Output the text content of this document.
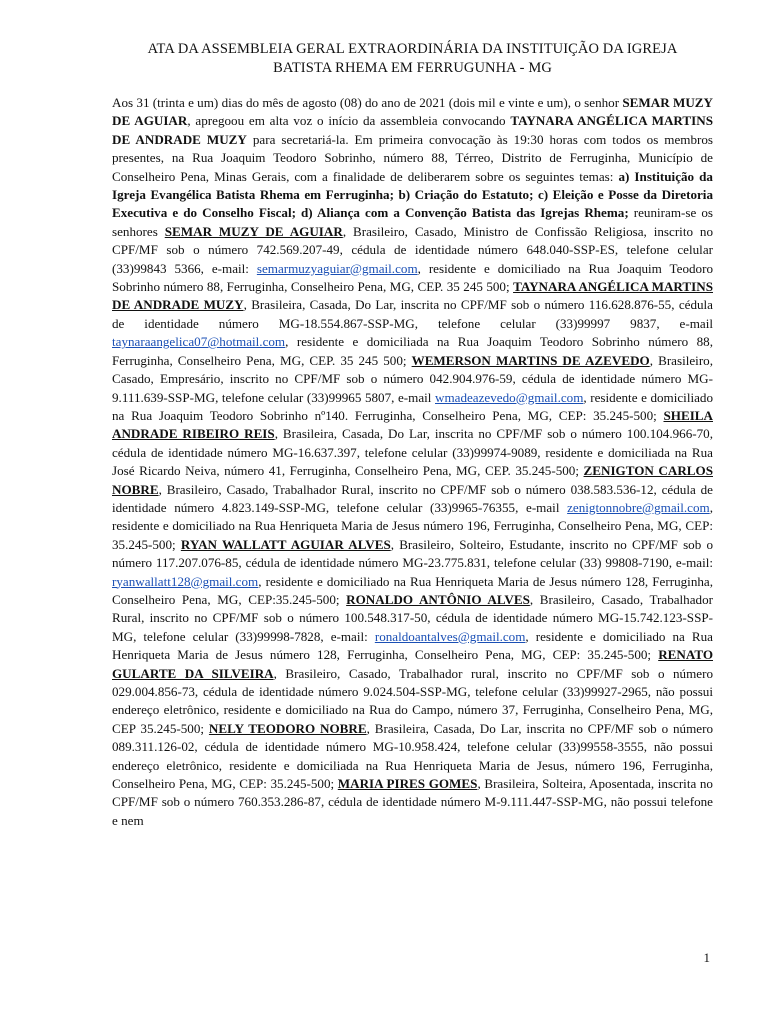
ATA DA ASSEMBLEIA GERAL EXTRAORDINÁRIA DA INSTITUIÇÃO DA IGREJA
BATISTA RHEMA EM FERRUGUNHA - MG
Aos 31 (trinta e um) dias do mês de agosto (08) do ano de 2021 (dois mil e vinte e um), o senhor SEMAR MUZY DE AGUIAR, apregoou em alta voz o início da assembleia convocando TAYNARA ANGÉLICA MARTINS DE ANDRADE MUZY para secretariá-la. Em primeira convocação às 19:30 horas com todos os membros presentes, na Rua Joaquim Teodoro Sobrinho, número 88, Térreo, Distrito de Ferruginha, Município de Conselheiro Pena, Minas Gerais, com a finalidade de deliberarem sobre os seguintes temas: a) Instituição da Igreja Evangélica Batista Rhema em Ferruginha; b) Criação do Estatuto; c) Eleição e Posse da Diretoria Executiva e do Conselho Fiscal; d) Aliança com a Convenção Batista das Igrejas Rhema; reuniram-se os senhores SEMAR MUZY DE AGUIAR, Brasileiro, Casado, Ministro de Confissão Religiosa, inscrito no CPF/MF sob o número 742.569.207-49, cédula de identidade número 648.040-SSP-ES, telefone celular (33)99843 5366, e-mail: semarmuzyaguiar@gmail.com, residente e domiciliado na Rua Joaquim Teodoro Sobrinho número 88, Ferruginha, Conselheiro Pena, MG, CEP. 35 245 500; TAYNARA ANGÉLICA MARTINS DE ANDRADE MUZY, Brasileira, Casada, Do Lar, inscrita no CPF/MF sob o número 116.628.876-55, cédula de identidade número MG-18.554.867-SSP-MG, telefone celular (33)99997 9837, e-mail taynaraangelica07@hotmail.com, residente e domiciliada na Rua Joaquim Teodoro Sobrinho número 88, Ferruginha, Conselheiro Pena, MG, CEP. 35 245 500; WEMERSON MARTINS DE AZEVEDO, Brasileiro, Casado, Empresário, inscrito no CPF/MF sob o número 042.904.976-59, cédula de identidade número MG-9.111.639-SSP-MG, telefone celular (33)99965 5807, e-mail wmadeazevedo@gmail.com, residente e domiciliado na Rua Joaquim Teodoro Sobrinho nº140. Ferruginha, Conselheiro Pena, MG, CEP: 35.245-500; SHEILA ANDRADE RIBEIRO REIS, Brasileira, Casada, Do Lar, inscrita no CPF/MF sob o número 100.104.966-70, cédula de identidade número MG-16.637.397, telefone celular (33)99974-9089, residente e domiciliada na Rua José Ricardo Neiva, número 41, Ferruginha, Conselheiro Pena, MG, CEP. 35.245-500; ZENIGTON CARLOS NOBRE, Brasileiro, Casado, Trabalhador Rural, inscrito no CPF/MF sob o número 038.583.536-12, cédula de identidade número 4.823.149-SSP-MG, telefone celular (33)9965-76355, e-mail zenigtonnobre@gmail.com, residente e domiciliado na Rua Henriqueta Maria de Jesus número 196, Ferruginha, Conselheiro Pena, MG, CEP: 35.245-500; RYAN WALLATT AGUIAR ALVES, Brasileiro, Solteiro, Estudante, inscrito no CPF/MF sob o número 117.207.076-85, cédula de identidade número MG-23.775.831, telefone celular (33) 99808-7190, e-mail: ryanwallatt128@gmail.com, residente e domiciliado na Rua Henriqueta Maria de Jesus número 128, Ferruginha, Conselheiro Pena, MG, CEP:35.245-500; RONALDO ANTÔNIO ALVES, Brasileiro, Casado, Trabalhador Rural, inscrito no CPF/MF sob o número 100.548.317-50, cédula de identidade número MG-15.742.123-SSP-MG, telefone celular (33)99998-7828, e-mail: ronaldoantalves@gmail.com, residente e domiciliado na Rua Henriqueta Maria de Jesus número 128, Ferruginha, Conselheiro Pena, MG, CEP: 35.245-500; RENATO GULARTE DA SILVEIRA, Brasileiro, Casado, Trabalhador rural, inscrito no CPF/MF sob o número 029.004.856-73, cédula de identidade número 9.024.504-SSP-MG, telefone celular (33)99927-2965, não possui endereço eletrônico, residente e domiciliado na Rua do Campo, número 37, Ferruginha, Conselheiro Pena, MG, CEP 35.245-500; NELY TEODORO NOBRE, Brasileira, Casada, Do Lar, inscrita no CPF/MF sob o número 089.311.126-02, cédula de identidade número MG-10.958.424, telefone celular (33)99558-3555, não possui endereço eletrônico, residente e domiciliada na Rua Henriqueta Maria de Jesus, número 196, Ferruginha, Conselheiro Pena, MG, CEP: 35.245-500; MARIA PIRES GOMES, Brasileira, Solteira, Aposentada, inscrita no CPF/MF sob o número 760.353.286-87, cédula de identidade número M-9.111.447-SSP-MG, não possui telefone e nem
1
